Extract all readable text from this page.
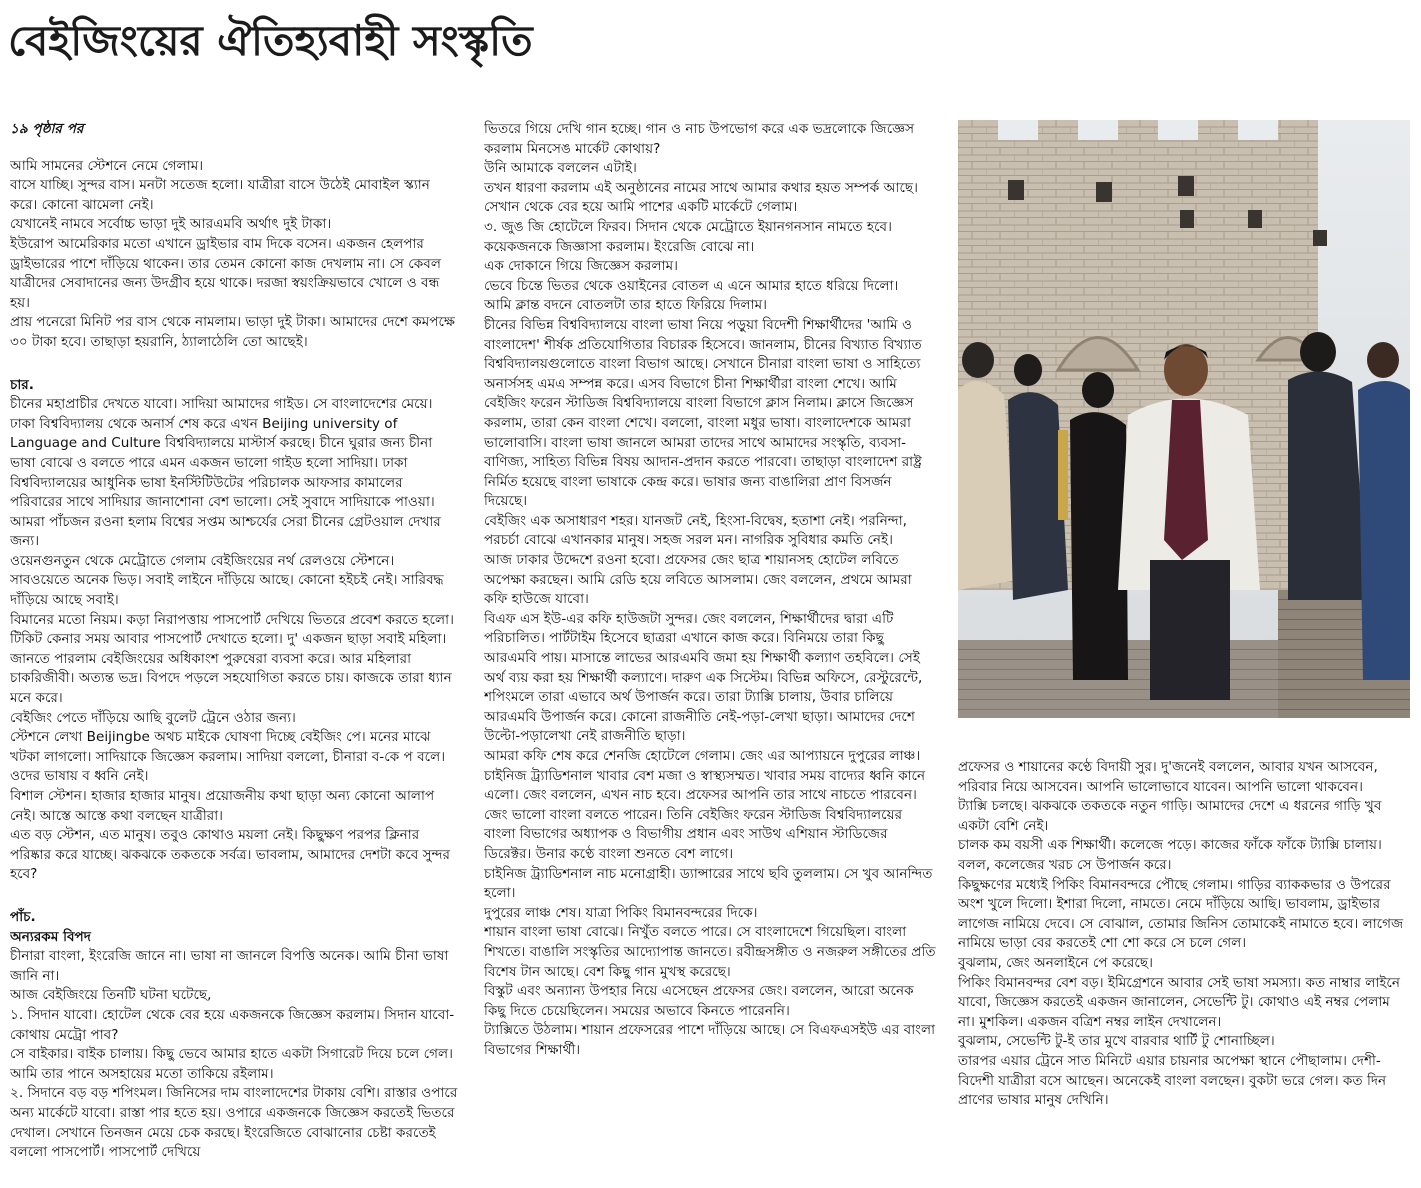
বেইজিংয়ের ঐতিহ্যবাহী সংস্কৃতি

১৯ পৃষ্ঠার পর

আমি সামনের স্টেশনে নেমে গেলাম।

বাসে যাচ্ছি। সুন্দর বাস। মনটা সতেজ হলো। যাত্রীরা বাসে উঠেই মোবাইল স্ক্যান করে। কোনো ঝামেলা নেই।

যেখানেই নামবে সর্বোচ্চ ভাড়া দুই আরএমবি অর্থাৎ দুই টাকা।

ইউরোপ আমেরিকার মতো এখানে ড্রাইভার বাম দিকে বসেন। একজন হেলপার ড্রাইভারের পাশে দাঁড়িয়ে থাকেন। তার তেমন কোনো কাজ দেখলাম না। সে কেবল যাত্রীদের সেবাদানের জন্য উদগ্রীব হয়ে থাকে। দরজা স্বয়ংক্রিয়ভাবে খোলে ও বন্ধ হয়।

প্রায় পনেরো মিনিট পর বাস থেকে নামলাম। ভাড়া দুই টাকা। আমাদের দেশে কমপক্ষে ৩০ টাকা হবে। তাছাড়া হয়রানি, ঠ্যালাঠেলি তো আছেই।

চার.

চীনের মহাপ্রাচীর দেখতে যাবো। সাদিয়া আমাদের গাইড। সে বাংলাদেশের মেয়ে। ঢাকা বিশ্ববিদ্যালয় থেকে অনার্স শেষ করে এখন Beijing university of Language and Culture বিশ্ববিদ্যালয়ে মাস্টার্স করছে। চীনে ঘুরার জন্য চীনা ভাষা বোঝে ও বলতে পারে এমন একজন ভালো গাইড হলো সাদিয়া। ঢাকা বিশ্ববিদ্যালয়ের আধুনিক ভাষা ইনস্টিটিউটের পরিচালক আফসার কামালের পরিবারের সাথে সাদিয়ার জানাশোনা বেশ ভালো। সেই সুবাদে সাদিয়াকে পাওয়া।

আমরা পাঁচজন রওনা হলাম বিশ্বের সপ্তম আশ্চর্যের সেরা চীনের গ্রেটওয়াল দেখার জন্য।

ওয়েনগুনতুন থেকে মেট্রোতে গেলাম বেইজিংয়ের নর্থ রেলওয়ে স্টেশনে। সাবওয়েতে অনেক ভিড়। সবাই লাইনে দাঁড়িয়ে আছে। কোনো হইচই নেই। সারিবদ্ধ দাঁড়িয়ে আছে সবাই।

বিমানের মতো নিয়ম। কড়া নিরাপত্তায় পাসপোর্ট দেখিয়ে ভিতরে প্রবেশ করতে হলো। টিকিট কেনার সময় আবার পাসপোর্ট দেখাতে হলো। দু' একজন ছাড়া সবাই মহিলা। জানতে পারলাম বেইজিংয়ের অধিকাংশ পুরুষেরা ব্যবসা করে। আর মহিলারা চাকরিজীবী। অত্যন্ত ভদ্র। বিপদে পড়লে সহযোগিতা করতে চায়। কাজকে তারা ধ্যান মনে করে।

বেইজিং পেতে দাঁড়িয়ে আছি বুলেট ট্রেনে ওঠার জন্য।

স্টেশনে লেখা Beijingbe অথচ মাইকে ঘোষণা দিচ্ছে বেইজিং পে। মনের মাঝে খটকা লাগলো। সাদিয়াকে জিজ্ঞেস করলাম। সাদিয়া বললো, চীনারা ব-কে প বলে। ওদের ভাষায় ব ধ্বনি নেই।

বিশাল স্টেশন। হাজার হাজার মানুষ। প্রয়োজনীয় কথা ছাড়া অন্য কোনো আলাপ নেই। আস্তে আস্তে কথা বলছেন যাত্রীরা।

এত বড় স্টেশন, এত মানুষ। তবুও কোথাও ময়লা নেই। কিছুক্ষণ পরপর ক্লিনার পরিষ্কার করে যাচ্ছে। ঝকঝকে তকতকে সর্বত্র। ভাবলাম, আমাদের দেশটা কবে সুন্দর হবে?

পাঁচ.

অন্যরকম বিপদ

চীনারা বাংলা, ইংরেজি জানে না। ভাষা না জানলে বিপত্তি অনেক। আমি চীনা ভাষা জানি না।

আজ বেইজিংয়ে তিনটি ঘটনা ঘটেছে,

১. সিদান যাবো। হোটেল থেকে বের হয়ে একজনকে জিজ্ঞেস করলাম। সিদান যাবো- কোথায় মেট্রো পাব?

সে বাইকার। বাইক চালায়। কিছু ভেবে আমার হাতে একটা সিগারেট দিয়ে চলে গেল। আমি তার পানে অসহায়ের মতো তাকিয়ে রইলাম।

২. সিদানে বড় বড় শপিংমল। জিনিসের দাম বাংলাদেশের টাকায় বেশি। রাস্তার ওপারে অন্য মার্কেটে যাবো। রাস্তা পার হতে হয়। ওপারে একজনকে জিজ্ঞেস করতেই ভিতরে দেখাল। সেখানে তিনজন মেয়ে চেক করছে। ইংরেজিতে বোঝানোর চেষ্টা করতেই বললো পাসপোর্ট। পাসপোর্ট দেখিয়ে

ভিতরে গিয়ে দেখি গান হচ্ছে। গান ও নাচ উপভোগ করে এক ভদ্রলোকে জিজ্ঞেস করলাম মিনসেঙ মার্কেট কোথায়?

উনি আমাকে বললেন এটাই।

তখন ধারণা করলাম এই অনুষ্ঠানের নামের সাথে আমার কথার হয়ত সম্পর্ক আছে।

সেখান থেকে বের হয়ে আমি পাশের একটি মার্কেটে গেলাম।

৩. জুঙ জি হোটেলে ফিরব। সিদান থেকে মেট্রোতে ইয়ানগনসান নামতে হবে। কয়েকজনকে জিজ্ঞাসা করলাম। ইংরেজি বোঝে না।

এক দোকানে গিয়ে জিজ্ঞেস করলাম।

ভেবে চিন্তে ভিতর থেকে ওয়াইনের বোতল এ এনে আমার হাতে ধরিয়ে দিলো।

আমি ক্লান্ত বদনে বোতলটা তার হাতে ফিরিয়ে দিলাম।

চীনের বিভিন্ন বিশ্ববিদ্যালয়ে বাংলা ভাষা নিয়ে পড়ুয়া বিদেশী শিক্ষার্থীদের 'আমি ও বাংলাদেশ' শীর্ষক প্রতিযোগিতার বিচারক হিসেবে। জানলাম, চীনের বিখ্যাত বিখ্যাত বিশ্ববিদ্যালয়গুলোতে বাংলা বিভাগ আছে। সেখানে চীনারা বাংলা ভাষা ও সাহিত্যে অনার্সসহ এমএ সম্পন্ন করে। এসব বিভাগে চীনা শিক্ষার্থীরা বাংলা শেখে। আমি বেইজিং ফরেন স্টাডিজ বিশ্ববিদ্যালয়ে বাংলা বিভাগে ক্লাস নিলাম। ক্লাসে জিজ্ঞেস করলাম, তারা কেন বাংলা শেখে। বললো, বাংলা মধুর ভাষা। বাংলাদেশকে আমরা ভালোবাসি। বাংলা ভাষা জানলে আমরা তাদের সাথে আমাদের সংস্কৃতি, ব্যবসা-বাণিজ্য, সাহিত্য বিভিন্ন বিষয় আদান-প্রদান করতে পারবো। তাছাড়া বাংলাদেশ রাষ্ট্র নির্মিত হয়েছে বাংলা ভাষাকে কেন্দ্র করে। ভাষার জন্য বাঙালিরা প্রাণ বিসর্জন দিয়েছে।

বেইজিং এক অসাধারণ শহর। যানজট নেই, হিংসা-বিদ্বেষ, হতাশা নেই। পরনিন্দা, পরচর্চা বোঝে এখানকার মানুষ। সহজ সরল মন। নাগরিক সুবিধার কমতি নেই।

আজ ঢাকার উদ্দেশে রওনা হবো। প্রফেসর জেং ছাত্র শায়ানসহ হোটেল লবিতে অপেক্ষা করছেন। আমি রেডি হয়ে লবিতে আসলাম। জেং বললেন, প্রথমে আমরা কফি হাউজে যাবো।

বিএফ এস ইউ-এর কফি হাউজটা সুন্দর। জেং বললেন, শিক্ষার্থীদের দ্বারা এটি পরিচালিত। পার্টটাইম হিসেবে ছাত্ররা এখানে কাজ করে। বিনিময়ে তারা কিছু আরএমবি পায়। মাসান্তে লাভের আরএমবি জমা হয় শিক্ষার্থী কল্যাণ তহবিলে। সেই অর্থ ব্যয় করা হয় শিক্ষার্থী কল্যাণে। দারুণ এক সিস্টেম। বিভিন্ন অফিসে, রেস্টুরেন্টে, শপিংমলে তারা এভাবে অর্থ উপার্জন করে। তারা ট্যাক্সি চালায়, উবার চালিয়ে আরএমবি উপার্জন করে। কোনো রাজনীতি নেই-পড়া-লেখা ছাড়া। আমাদের দেশে উল্টো-পড়ালেখা নেই রাজনীতি ছাড়া।

আমরা কফি শেষ করে শেনজি হোটেলে গেলাম। জেং এর আপ্যায়নে দুপুরের লাঞ্চ। চাইনিজ ট্র্যাডিশনাল খাবার বেশ মজা ও স্বাস্থ্যসম্মত। খাবার সময় বাদ্যের ধ্বনি কানে এলো। জেং বললেন, এখন নাচ হবে। প্রফেসর আপনি তার সাথে নাচতে পারবেন। জেং ভালো বাংলা বলতে পারেন। তিনি বেইজিং ফরেন স্টাডিজ বিশ্ববিদ্যালয়ের বাংলা বিভাগের অধ্যাপক ও বিভাগীয় প্রধান এবং সাউথ এশিয়ান স্টাডিজের ডিরেক্টর। উনার কণ্ঠে বাংলা শুনতে বেশ লাগে।

চাইনিজ ট্র্যাডিশনাল নাচ মনোগ্রাহী। ড্যান্সারের সাথে ছবি তুললাম। সে খুব আনন্দিত হলো।

দুপুরের লাঞ্চ শেষ। যাত্রা পিকিং বিমানবন্দরের দিকে।

শায়ান বাংলা ভাষা বোঝে। নিখুঁত বলতে পারে। সে বাংলাদেশে গিয়েছিল। বাংলা শিখতে। বাঙালি সংস্কৃতির আদ্যোপান্ত জানতে। রবীন্দ্রসঙ্গীত ও নজরুল সঙ্গীতের প্রতি বিশেষ টান আছে। বেশ কিছু গান মুখস্থ করেছে।

বিস্কুট এবং অন্যান্য উপহার নিয়ে এসেছেন প্রফেসর জেং। বললেন, আরো অনেক কিছু দিতে চেয়েছিলেন। সময়ের অভাবে কিনতে পারেননি।

ট্যাক্সিতে উঠলাম। শায়ান প্রফেসরের পাশে দাঁড়িয়ে আছে। সে বিএফএসইউ এর বাংলা বিভাগের শিক্ষার্থী।

প্রফেসর ও শায়ানের কণ্ঠে বিদায়ী সুর। দু'জনেই বললেন, আবার যখন আসবেন, পরিবার নিয়ে আসবেন। আপনি ভালোভাবে যাবেন। আপনি ভালো থাকবেন।

ট্যাক্সি চলছে। ঝকঝকে তকতকে নতুন গাড়ি। আমাদের দেশে এ ধরনের গাড়ি খুব একটা বেশি নেই।

চালক কম বয়সী এক শিক্ষার্থী। কলেজে পড়ে। কাজের ফাঁকে ফাঁকে ট্যাক্সি চালায়। বলল, কলেজের খরচ সে উপার্জন করে।

কিছুক্ষণের মধ্যেই পিকিং বিমানবন্দরে পৌছে গেলাম। গাড়ির ব্যাককভার ও উপরের অংশ খুলে দিলো। ইশারা দিলো, নামতে। নেমে দাঁড়িয়ে আছি। ভাবলাম, ড্রাইভার লাগেজ নামিয়ে দেবে। সে বোঝাল, তোমার জিনিস তোমাকেই নামাতে হবে। লাগেজ নামিয়ে ভাড়া বের করতেই শো শো করে সে চলে গেল।

বুঝলাম, জেং অনলাইনে পে করেছে।

পিকিং বিমানবন্দর বেশ বড়। ইমিগ্রেশনে আবার সেই ভাষা সমস্যা। কত নাম্বার লাইনে যাবো, জিজ্ঞেস করতেই একজন জানালেন, সেভেন্টি টু। কোথাও এই নম্বর পেলাম না। মুশকিল। একজন বত্রিশ নম্বর লাইন দেখালেন।

বুঝলাম, সেভেন্টি টু-ই তার মুখে বারবার থার্টি টু শোনাচ্ছিল।

তারপর এয়ার ট্রেনে সাত মিনিটে এয়ার চায়নার অপেক্ষা স্থানে পৌছালাম। দেশী-বিদেশী যাত্রীরা বসে আছেন। অনেকেই বাংলা বলছেন। বুকটা ভরে গেল। কত দিন প্রাণের ভাষার মানুষ দেখিনি।
